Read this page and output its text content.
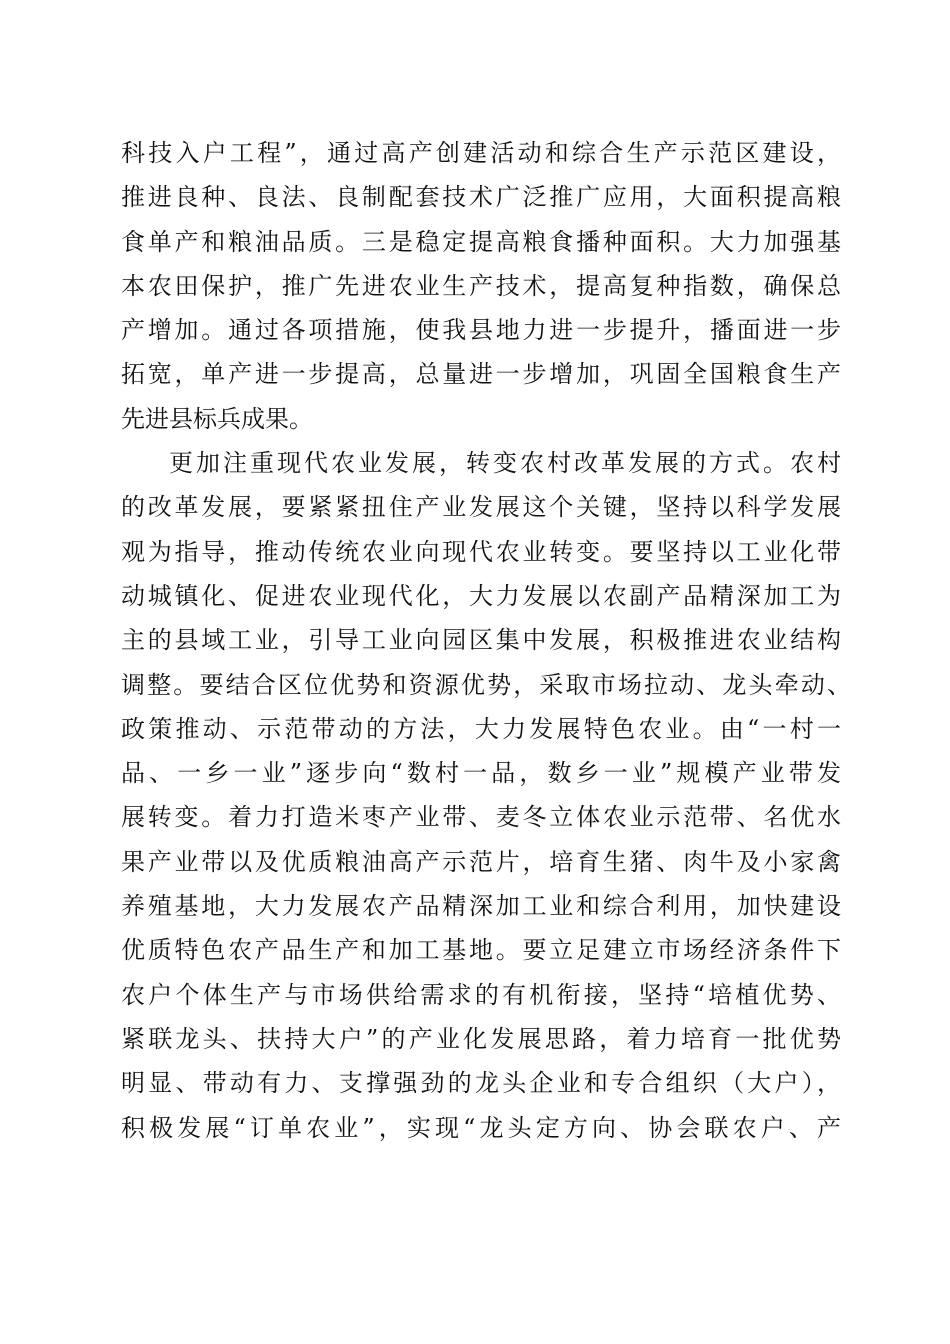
科技入户工程”，通过高产创建活动和综合生产示范区建设，
推进良种、良法、良制配套技术广泛推广应用，大面积提高粮
食单产和粮油品质。三是稳定提高粮食播种面积。大力加强基
本农田保护，推广先进农业生产技术，提高复种指数，确保总
产增加。通过各项措施，使我县地力进一步提升，播面进一步
拓宽，单产进一步提高，总量进一步增加，巩固全国粮食生产
先进县标兵成果。
更加注重现代农业发展，转变农村改革发展的方式。农村
的改革发展，要紧紧扭住产业发展这个关键，坚持以科学发展
观为指导，推动传统农业向现代农业转变。要坚持以工业化带
动城镇化、促进农业现代化，大力发展以农副产品精深加工为
主的县域工业，引导工业向园区集中发展，积极推进农业结构
调整。要结合区位优势和资源优势，采取市场拉动、龙头牵动、
政策推动、示范带动的方法，大力发展特色农业。由“一村一
品、一乡一业”逐步向“数村一品，数乡一业”规模产业带发
展转变。着力打造米枣产业带、麦冬立体农业示范带、名优水
果产业带以及优质粮油高产示范片，培育生猪、肉牛及小家禽
养殖基地，大力发展农产品精深加工业和综合利用，加快建设
优质特色农产品生产和加工基地。要立足建立市场经济条件下
农户个体生产与市场供给需求的有机衔接，坚持“培植优势、
紧联龙头、扶持大户”的产业化发展思路，着力培育一批优势
明显、带动有力、支撑强劲的龙头企业和专合组织（大户），
积极发展“订单农业”，实现“龙头定方向、协会联农户、产
